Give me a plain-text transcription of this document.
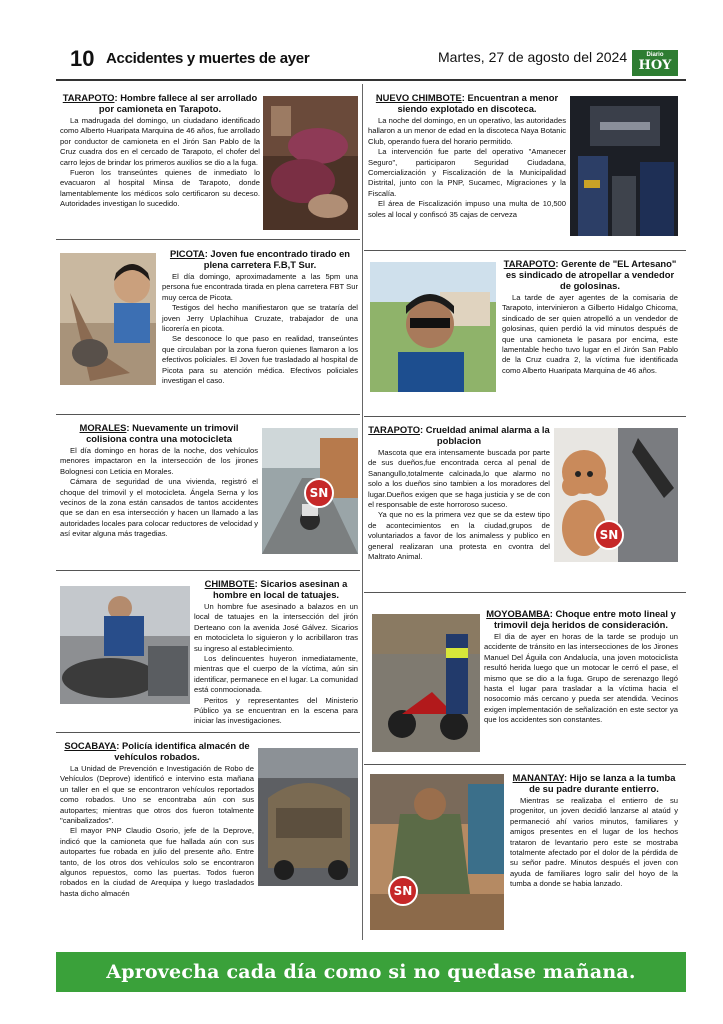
10 Accidentes y muertes de ayer	Martes, 27 de agosto del 2024	Diario
HOY
TARAPOTO: Hombre fallece al ser arrollado por camioneta en Tarapoto.

La madrugada del domingo, un ciudadano identificado como Alberto Huaripata Marquina de 46 años, fue arrollado por conductor de camioneta en el Jirón San Pablo de la Cruz cuadra dos en el cercado de Tarapoto, el chofer del carro lejos de brindar los primeros auxilios se dio a la fuga.

Fueron los transeúntes quienes de inmediato lo evacuaron al hospital Minsa de Tarapoto, donde lamentablemente los médicos solo certificaron su deceso. Autoridades investigan lo sucedido.

PICOTA: Joven fue encontrado tirado en plena carretera F.B,T Sur.

El día domingo, aproximadamente a las 5pm una persona fue encontrada tirada en plena carretera FBT Sur muy cerca de Picota.

Testigos del hecho manifiestaron que se trataría del joven Jerry Uplachihua Cruzate, trabajador de una licorería en picota.

Se desconoce lo que paso en realidad, transeúntes que circulaban por la zona fueron quienes llamaron a los efectivos policiales. El Joven fue trasladado al hospital de Picota para su atención médica. Efectivos policiales investigan el caso.

MORALES: Nuevamente un trimovil colisiona contra una motocicleta

El día domingo en horas de la noche, dos vehículos menores impactaron en la intersección de los jirones Bolognesi con Leticia en Morales.

Cámara de seguridad de una vivienda, registró el choque del trimovil y el motocicleta. Ángela Serna y los vecinos de la zona están cansados de tantos accidentes que se dan en esa intersección y hacen un llamado a las autoridades locales para colocar reductores de velocidad y así evitar alguna más tragedias.

SN
CHIMBOTE: Sicarios asesinan a hombre en local de tatuajes.

Un hombre fue asesinado a balazos en un local de tatuajes en la intersección del jirón Derteano con la avenida José Gálvez. Sicarios en motocicleta lo siguieron y lo acribillaron tras su ingreso al establecimiento.

Los delincuentes huyeron inmediatamente, mientras que el cuerpo de la víctima, aún sin identificar, permanece en el lugar. La comunidad está conmocionada.

Peritos y representantes del Ministerio Público ya se encuentran en la escena para iniciar las investigaciones.

SOCABAYA: Policía identifica almacén de vehículos robados.

La Unidad de Prevención e Investigación de Robo de Vehículos (Deprove) identificó e intervino esta mañana un taller en el que se encontraron vehículos reportados como robados. Uno se encontraba aún con sus autopartes; mientras que otros dos fueron totalmente "canibalizados".

El mayor PNP Claudio Osorio, jefe de la Deprove, indicó que la camioneta que fue hallada aún con sus autopartes fue robada en julio del presente año. Entre tanto, de los otros dos vehículos solo se encontraron algunos repuestos, como las puertas. Todos fueron robados en la ciudad de Arequipa y luego trasladados hasta dicho almacén

NUEVO CHIMBOTE: Encuentran a menor siendo explotado en discoteca.

La noche del domingo, en un operativo, las autoridades hallaron a un menor de edad en la discoteca Naya Botanic Club, operando fuera del horario permitido.

La intervención fue parte del operativo "Amanecer Seguro", participaron Seguridad Ciudadana, Comercialización y Fiscalización de la Municipalidad Distrital, junto con la PNP, Sucamec, Migraciones y la Fiscalía.

El área de Fiscalización impuso una multa de 10,500 soles al local y confiscó 35 cajas de cerveza

TARAPOTO: Gerente de "EL Artesano" es sindicado de atropellar a vendedor de golosinas.

La tarde de ayer agentes de la comisaria de Tarapoto, intervinieron a Gilberto Hidalgo Chicoma, sindicado de ser quien atropelló a un vendedor de golosinas, quien perdió la vid minutos después de que una camioneta le pasara por encima, este lamentable hecho tuvo lugar en el Jirón San Pablo de la Cruz cuadra 2, la víctima fue identificada como Alberto Huaripata Marquina de 46 años.

TARAPOTO: Crueldad animal alarma a la poblacion

Mascota que era intensamente buscada por parte de sus dueños,fue encontrada cerca al penal de Sanangullo,totalmente calcinada,lo que alarmo no solo a los dueños sino tambien a los moradores del lugar.Dueños exigen que se haga justicia y se de con el responsable de este horroroso suceso.

Ya que no es la primera vez que se da estew tipo de acontecimientos en la ciudad,grupos de voluntariados a favor de los animaless y publico en general realizaran una protesta en cvontra del Maltrato Animal.

SN
MOYOBAMBA: Choque entre moto lineal y trimovil deja heridos de consideración.

El dia de ayer en horas de la tarde se produjo un accidente de tránsito en las intersecciones de los Jirones Manuel Del Águila con Andalucía, una joven motociclista resultó herida luego que un motocar le cerró el pase, el mismo que se dio a la fuga. Grupo de serenazgo llegó hasta el lugar para trasladar a la víctima hacia el nosocomio más cercano y pueda ser atendida. Vecinos exigen implementación de señalización en este sector ya que los accidentes son constantes.

SN
MANANTAY: Hijo se lanza a la tumba de su padre durante entierro.

Mientras se realizaba el entierro de su progenitor, un joven decidió lanzarse al ataúd y permaneció ahí varios minutos, familiares y amigos presentes en el lugar de los hechos trataron de levantario pero este se mostraba totalmente afectado por el dolor de la pérdida de su señor padre. Minutos después el joven con ayuda de familiares logro salir del hoyo de la tumba a donde se habia lanzado.

Aprovecha cada día como si no quedase mañana.
